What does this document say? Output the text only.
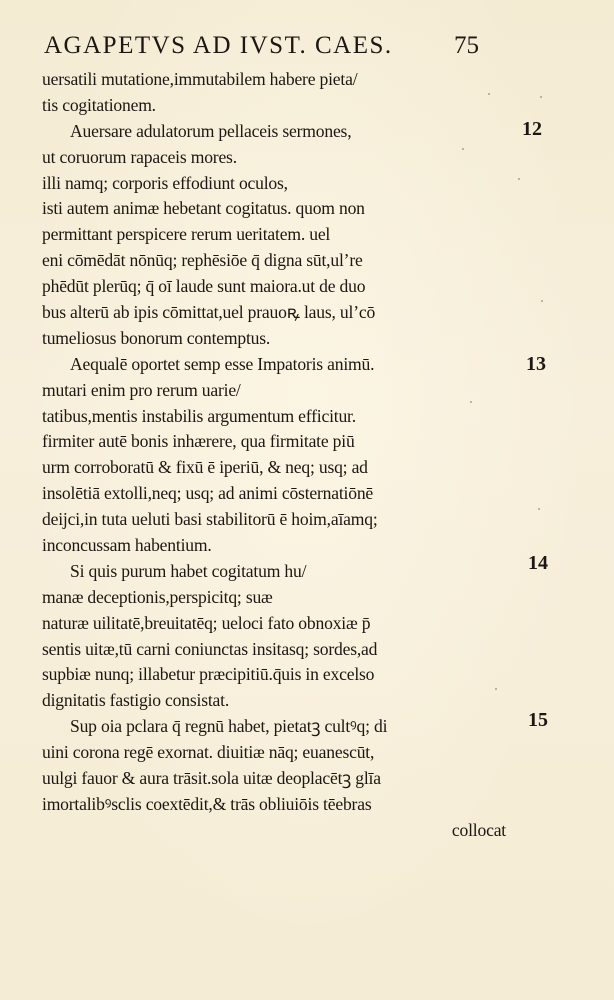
AGAPETVS AD IVST. CAES. 75
uersatili mutatione,immutabilem habere pieta/
tis cogitationem.
Auersare adulatorum pellaceis sermones,
ut coruorum rapaceis mores.
illi namq; corporis effodiunt oculos,
isti autem animæ hebetant cogitatus. quom non
permittant perspicere rerum ueritatem. uel
eni cōmēdāt nōnūq; rephēsiōe q̄ digna sūt,ul’re
phēdūt plerūq; q̄ oī laude sunt maiora.ut de duo
bus alterū ab ipis cōmittat,uel prauoꝶ laus, ul’cō
tumeliosus bonorum contemptus.
Aequalē oportet semp esse Impatoris animū.
mutari enim pro rerum uarie/
tatibus,mentis instabilis argumentum efficitur.
firmiter autē bonis inhærere, qua firmitate piū
urm corroboratū & fixū ē iperiū, & neq; usq; ad
insolētiā extolli,neq; usq; ad animi cōsternatiōnē
deijci,in tuta ueluti basi stabilitorū ē hoim,aīamq;
inconcussam habentium.
Si quis purum habet cogitatum hu/
manæ deceptionis,perspicitq; suæ
naturæ uilitatē,breuitatēq; ueloci fato obnoxiæ p̄
sentis uitæ,tū carni coniunctas insitasq; sordes,ad
supbiæ nunq; illabetur præcipitiū.q̄uis in excelso
dignitatis fastigio consistat.
Sup oia pclara q̄ regnū habet, pietatꝫ cultꝰq; di
uini corona regē exornat. diuitiæ nāq; euanescūt,
uulgi fauor & aura trāsit.sola uitæ deoplacētꝫ glīa
imortalibꝰsclis coextēdit,& trās obliuiōis tēebras
collocat
12
13
14
15
